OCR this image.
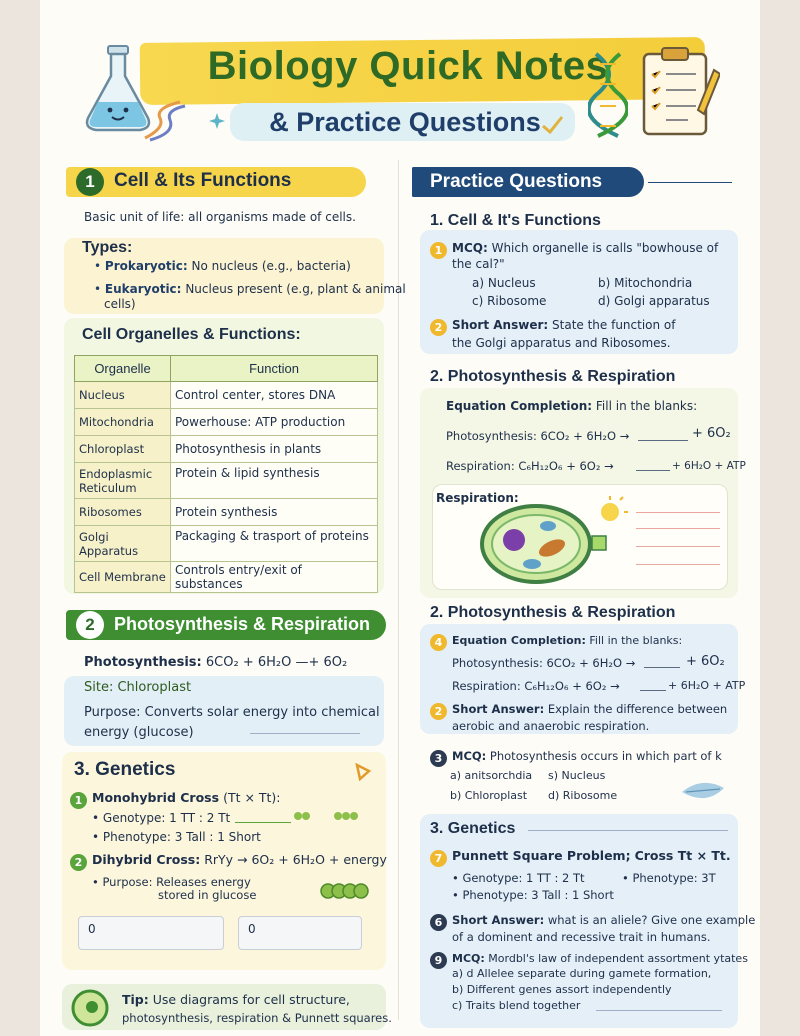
Biology Quick Notes
& Practice Questions
1	Cell & Its Functions
Basic unit of life: all organisms made of cells.
Types:
• Prokaryotic: No nucleus (e.g., bacteria)
• Eukaryotic: Nucleus present (e.g, plant & animal
cells)
Cell Organelles & Functions:
Organelle	Function
Nucleus	Control center, stores DNA
Mitochondria	Powerhouse: ATP production
Chloroplast	Photosynthesis in plants
Endoplasmic Reticulum	Protein & lipid synthesis
Ribosomes	Protein synthesis
Golgi Apparatus	Packaging & trasport of proteins
Cell Membrane	Controls entry/exit of substances
2	Photosynthesis & Respiration
Photosynthesis: 6CO₂ + 6H₂O —+ 6O₂
Site: Chloroplast
Purpose: Converts solar energy into chemical
energy (glucose)
3. Genetics
1 Monohybrid Cross (Tt × Tt):
• Genotype: 1 TT : 2 Tt
• Phenotype: 3 Tall : 1 Short
2 Dihybrid Cross: RrYy → 6O₂ + 6H₂O + energy
• Purpose: Releases energy
stored in glucose
0	0
Tip: Use diagrams for cell structure,
photosynthesis, respiration & Punnett squares.
Practice Questions
1. Cell & It's Functions
1 MCQ: Which organelle is calls "bowhouse of
the cal?"
a) Nucleus	b) Mitochondria
c) Ribosome	d) Golgi apparatus
2 Short Answer: State the function of
the Golgi apparatus and Ribosomes.
2. Photosynthesis & Respiration
Equation Completion: Fill in the blanks:
Photosynthesis: 6CO₂ + 6H₂O →	+ 6O₂
Respiration: C₆H₁₂O₆ + 6O₂ →	+ 6H₂O + ATP
Respiration:
2. Photosynthesis & Respiration
4 Equation Completion: Fill in the blanks:
Photosynthesis: 6CO₂ + 6H₂O →	+ 6O₂
Respiration: C₆H₁₂O₆ + 6O₂ →	+ 6H₂O + ATP
2 Short Answer: Explain the difference between
aerobic and anaerobic respiration.
3 MCQ: Photosynthesis occurs in which part of k
a) anitsorchdia s) Nucleus
b) Chloroplast d) Ribosome
3. Genetics
7 Punnett Square Problem; Cross Tt × Tt.
• Genotype: 1 TT : 2 Tt	• Phenotype: 3T
• Phenotype: 3 Tall : 1 Short
6 Short Answer: what is an aliele? Give one example
of a dominent and recessive trait in humans.
9 MCQ: Mordbl's law of independent assortment ytates
a) d Allelee separate during gamete formation,
b) Different genes assort independently
c) Traits blend together
